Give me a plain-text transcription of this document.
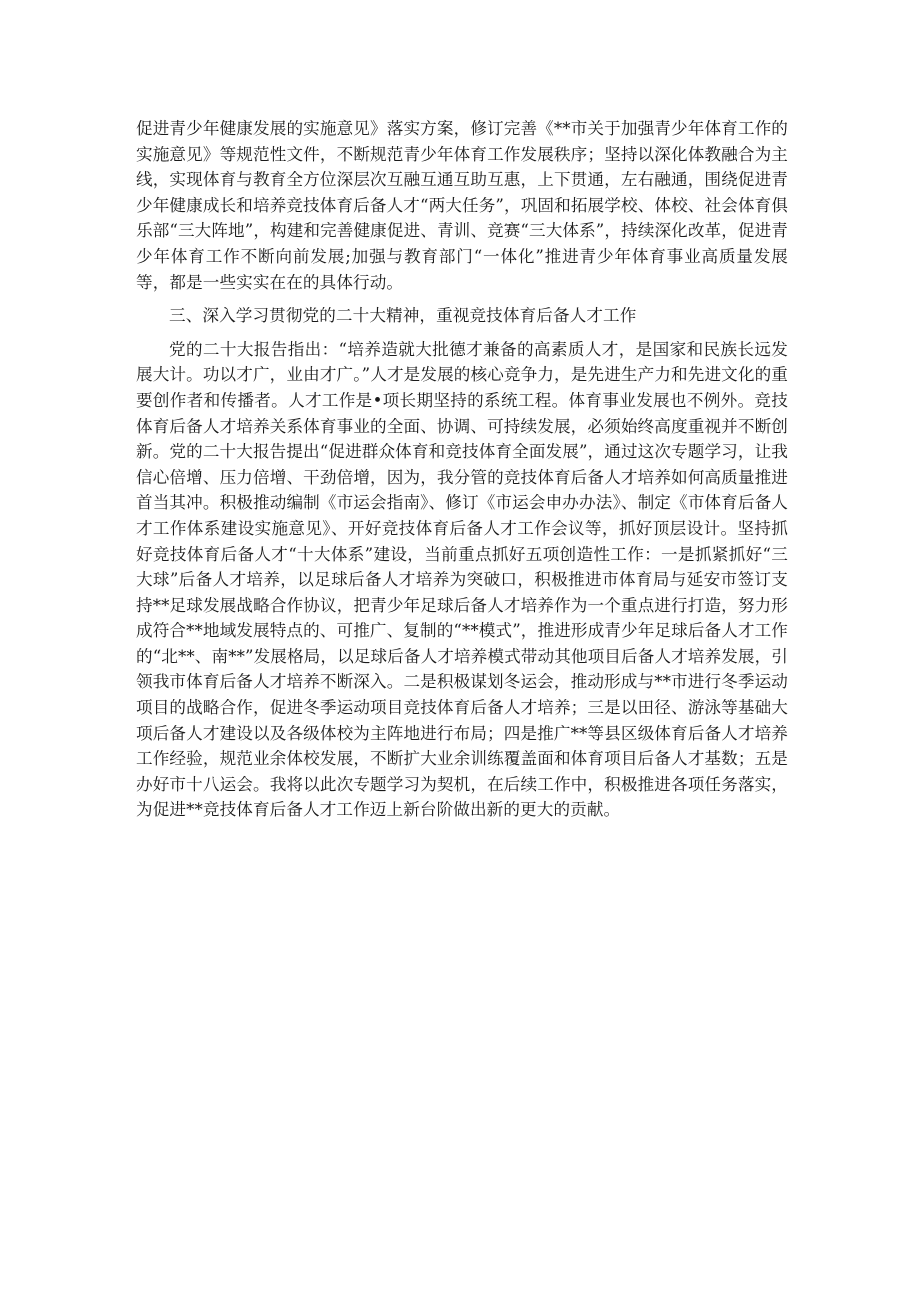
促进青少年健康发展的实施意见》落实方案，修订完善《**市关于加强青少年体育工作的实施意见》等规范性文件，不断规范青少年体育工作发展秩序；坚持以深化体教融合为主线，实现体育与教育全方位深层次互融互通互助互惠，上下贯通，左右融通，围绕促进青少年健康成长和培养竞技体育后备人才“两大任务”，巩固和拓展学校、体校、社会体育俱乐部“三大阵地”，构建和完善健康促进、青训、竞赛“三大体系”，持续深化改革，促进青少年体育工作不断向前发展;加强与教育部门“一体化”推进青少年体育事业高质量发展等，都是一些实实在在的具体行动。

三、深入学习贯彻党的二十大精神，重视竞技体育后备人才工作

党的二十大报告指出：“培养造就大批德才兼备的高素质人才，是国家和民族长远发展大计。功以才广，业由才广。”人才是发展的核心竞争力，是先进生产力和先进文化的重要创作者和传播者。人才工作是•项长期坚持的系统工程。体育事业发展也不例外。竞技体育后备人才培养关系体育事业的全面、协调、可持续发展，必须始终高度重视并不断创新。党的二十大报告提出“促进群众体育和竞技体育全面发展”，通过这次专题学习，让我信心倍增、压力倍增、干劲倍增，因为，我分管的竞技体育后备人才培养如何高质量推进首当其冲。积极推动编制《市运会指南》、修订《市运会申办办法》、制定《市体育后备人才工作体系建设实施意见》、开好竞技体育后备人才工作会议等，抓好顶层设计。坚持抓好竞技体育后备人才“十大体系”建设，当前重点抓好五项创造性工作：一是抓紧抓好“三大球”后备人才培养，以足球后备人才培养为突破口，积极推进市体育局与延安市签订支持**足球发展战略合作协议，把青少年足球后备人才培养作为一个重点进行打造，努力形成符合**地域发展特点的、可推广、复制的“**模式”，推进形成青少年足球后备人才工作的“北**、南**”发展格局，以足球后备人才培养模式带动其他项目后备人才培养发展，引领我市体育后备人才培养不断深入。二是积极谋划冬运会，推动形成与**市进行冬季运动项目的战略合作，促进冬季运动项目竞技体育后备人才培养；三是以田径、游泳等基础大项后备人才建设以及各级体校为主阵地进行布局；四是推广**等县区级体育后备人才培养工作经验，规范业余体校发展，不断扩大业余训练覆盖面和体育项目后备人才基数；五是办好市十八运会。我将以此次专题学习为契机，在后续工作中，积极推进各项任务落实，为促进**竞技体育后备人才工作迈上新台阶做出新的更大的贡献。
